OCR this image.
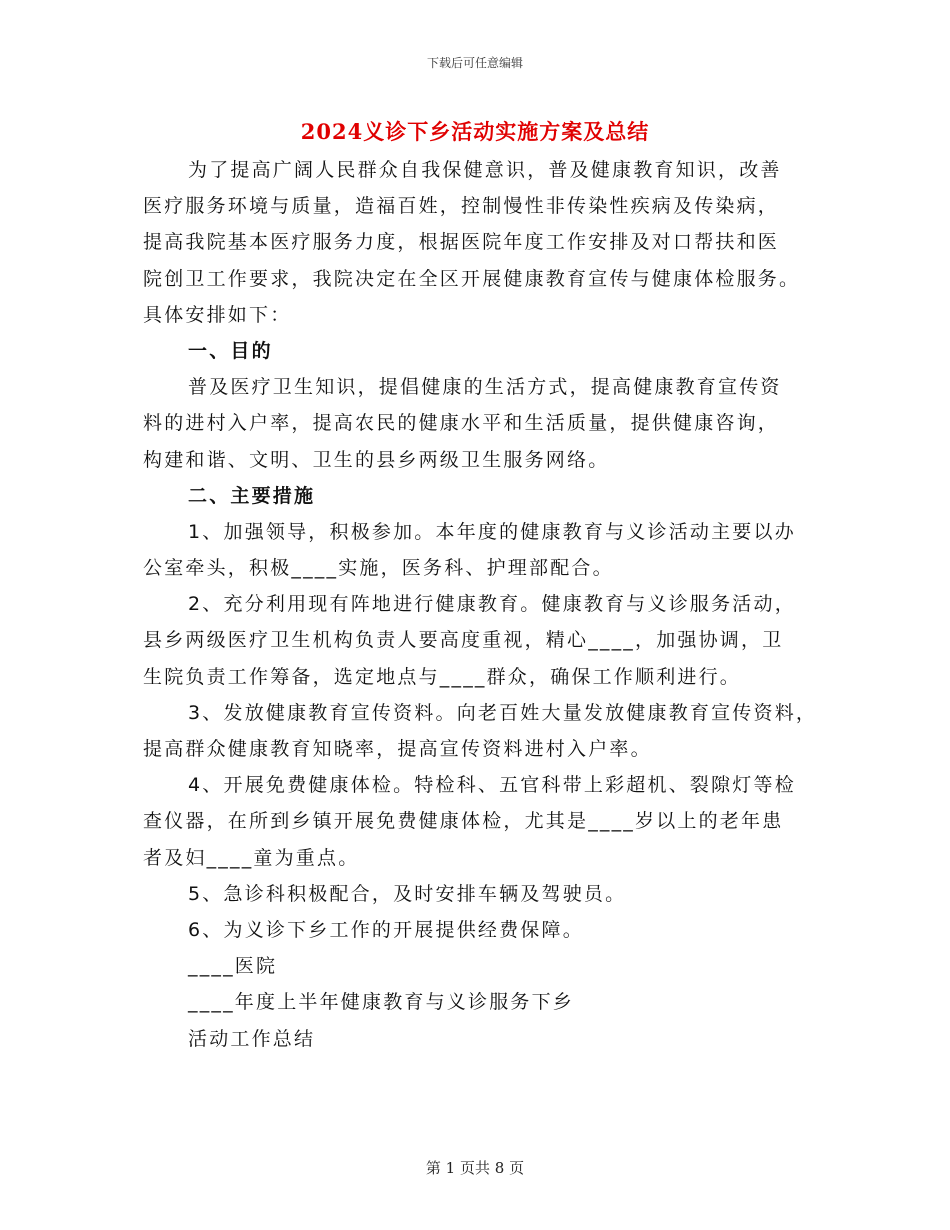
下载后可任意编辑
2024义诊下乡活动实施方案及总结
为了提高广阔人民群众自我保健意识，普及健康教育知识，改善
医疗服务环境与质量，造福百姓，控制慢性非传染性疾病及传染病，
提高我院基本医疗服务力度，根据医院年度工作安排及对口帮扶和医
院创卫工作要求，我院决定在全区开展健康教育宣传与健康体检服务。
具体安排如下：
一、目的
普及医疗卫生知识，提倡健康的生活方式，提高健康教育宣传资
料的进村入户率，提高农民的健康水平和生活质量，提供健康咨询，
构建和谐、文明、卫生的县乡两级卫生服务网络。
二、主要措施
1、加强领导，积极参加。本年度的健康教育与义诊活动主要以办
公室牵头，积极____实施，医务科、护理部配合。
2、充分利用现有阵地进行健康教育。健康教育与义诊服务活动，
县乡两级医疗卫生机构负责人要高度重视，精心____，加强协调，卫
生院负责工作筹备，选定地点与____群众，确保工作顺利进行。
3、发放健康教育宣传资料。向老百姓大量发放健康教育宣传资料，
提高群众健康教育知晓率，提高宣传资料进村入户率。
4、开展免费健康体检。特检科、五官科带上彩超机、裂隙灯等检
查仪器，在所到乡镇开展免费健康体检，尤其是____岁以上的老年患
者及妇____童为重点。
5、急诊科积极配合，及时安排车辆及驾驶员。
6、为义诊下乡工作的开展提供经费保障。
____医院
____年度上半年健康教育与义诊服务下乡
活动工作总结
第 1 页共 8 页
